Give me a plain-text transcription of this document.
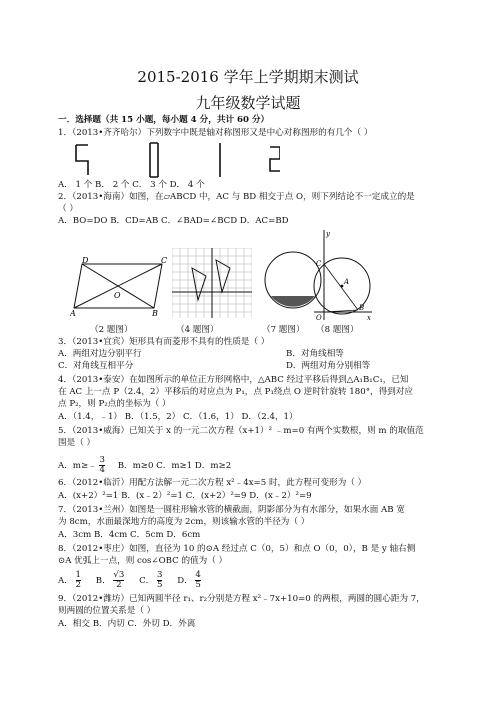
2015-2016 学年上学期期末测试
九年级数学试题
一．选择题（共 15 小题，每小题 4 分，共计 60 分）
1．（2013•齐齐哈尔）下列数字中既是轴对称图形又是中心对称图形的有几个（ ）
A． 1 个 B． 2 个 C． 3 个 D． 4 个
2．（2013•海南）如图，在▱ABCD 中，AC 与 BD 相交于点 O，则下列结论不一定成立的是
（ ）
A．BO=DO B．CD=AB C．∠BAD=∠BCD D．AC=BD
D	C
O
A	B
y
x
A
C
O
B
（2 题图）	（4 题图）	（7 题图） （8 题图）
3．（2013•宜宾）矩形具有而菱形不具有的性质是（ ）
A．两组对边分别平行	B．对角线相等
C．对角线互相平分	D．两组对角分别相等
4．（2013•泰安）在如图所示的单位正方形网格中，△ABC 经过平移后得到△A₁B₁C₁，已知
在 AC 上一点 P（2.4，2）平移后的对应点为 P₁，点 P₁绕点 O 逆时针旋转 180°，得到对应
点 P₂，则 P₂点的坐标为（ ）
A．（1.4，﹣1） B．（1.5，2） C．（1.6，1） D．（2.4，1）
5．（2013•威海）已知关于 x 的一元二次方程（x+1）² ﹣m=0 有两个实数根，则 m 的取值范
围是（ ）
A．m≥﹣ $\frac{3}{4}$ B．m≥0 C．m≥1 D．m≥2
6．（2012•临沂）用配方法解一元二次方程 x²﹣4x=5 时，此方程可变形为（ ）
A．(x+2）²=1 B．(x﹣2）²=1 C．(x+2）²=9 D．(x﹣2）²=9
7．（2013•兰州）如图是一圆柱形输水管的横截面，阴影部分为有水部分，如果水面 AB 宽
为 8cm，水面最深地方的高度为 2cm，则该输水管的半径为（ ）
A．3cm B．4cm C．5cm D．6cm
8．（2012•枣庄）如图，直径为 10 的⊙A 经过点 C（0，5）和点 O（0，0），B 是 y 轴右侧
⊙A 优弧上一点，则 cos∠OBC 的值为（ ）
A． $\frac{1}{2}$ B． $\frac{√3}{2}$ C． $\frac{3}{5}$ D． $\frac{4}{5}$
9．（2012•潍坊）已知两圆半径 r₁、r₂分别是方程 x²﹣7x+10=0 的两根，两圆的圆心距为 7，
则两圆的位置关系是（ ）
A．相交 B．内切 C．外切 D．外离
